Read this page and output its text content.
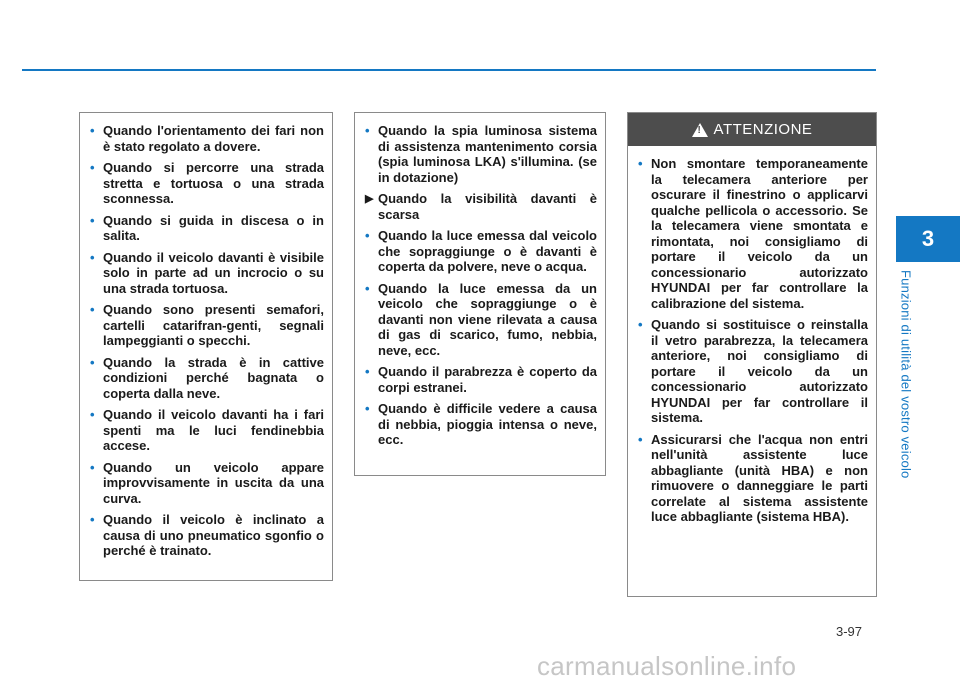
• Quando l'orientamento dei fari non è stato regolato a dovere.
• Quando si percorre una strada stretta e tortuosa o una strada sconnessa.
• Quando si guida in discesa o in salita.
• Quando il veicolo davanti è visibile solo in parte ad un incrocio o su una strada tortuosa.
• Quando sono presenti semafori, cartelli catarifran-genti, segnali lampeggianti o specchi.
• Quando la strada è in cattive condizioni perché bagnata o coperta dalla neve.
• Quando il veicolo davanti ha i fari spenti ma le luci fendinebbia accese.
• Quando un veicolo appare improvvisamente in uscita da una curva.
• Quando il veicolo è inclinato a causa di uno pneumatico sgonfio o perché è trainato.
• Quando la spia luminosa sistema di assistenza mantenimento corsia (spia luminosa LKA) s'illumina. (se in dotazione)
▶ Quando la visibilità davanti è scarsa
• Quando la luce emessa dal veicolo che sopraggiunge o è davanti è coperta da polvere, neve o acqua.
• Quando la luce emessa da un veicolo che sopraggiunge o è davanti non viene rilevata a causa di gas di scarico, fumo, nebbia, neve, ecc.
• Quando il parabrezza è coperto da corpi estranei.
• Quando è difficile vedere a causa di nebbia, pioggia intensa o neve, ecc.
!
ATTENZIONE
• Non smontare temporaneamente la telecamera anteriore per oscurare il finestrino o applicarvi qualche pellicola o accessorio. Se la telecamera viene smontata e rimontata, noi consigliamo di portare il veicolo da un concessionario autorizzato HYUNDAI per far controllare la calibrazione del sistema.
• Quando si sostituisce o reinstalla il vetro parabrezza, la telecamera anteriore, noi consigliamo di portare il veicolo da un concessionario autorizzato HYUNDAI per far controllare il sistema.
• Assicurarsi che l'acqua non entri nell'unità assistente luce abbagliante (unità HBA) e non rimuovere o danneggiare le parti correlate al sistema assistente luce abbagliante (sistema HBA).
3
Funzioni di utilità del vostro veicolo
3-97
carmanualsonline.info
